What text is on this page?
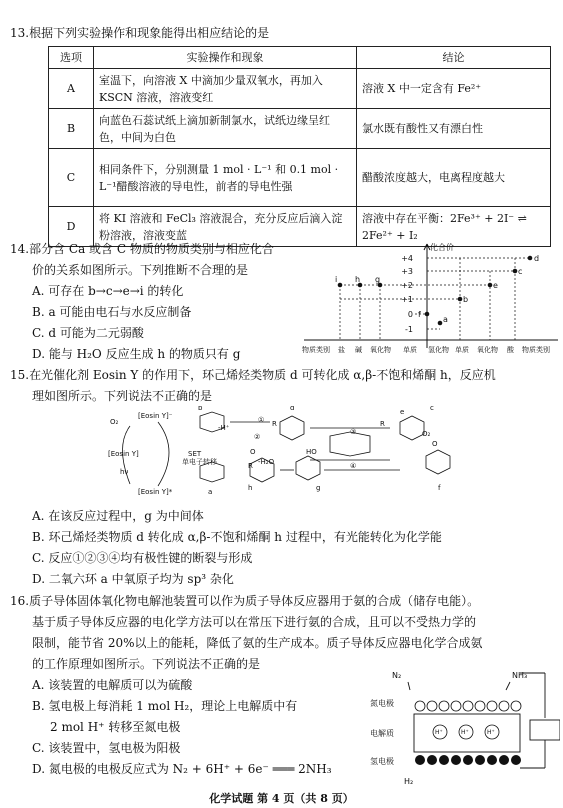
13.根据下列实验操作和现象能得出相应结论的是
选项	实验操作和现象	结论
A	室温下，向溶液 X 中滴加少量双氧水，再加入 KSCN 溶液，溶液变红	溶液 X 中一定含有 Fe²⁺
B	向蓝色石蕊试纸上滴加新制氯水，试纸边缘呈红色，中间为白色	氯水既有酸性又有漂白性
C	相同条件下，分别测量 1 mol · L⁻¹ 和 0.1 mol · L⁻¹醋酸溶液的导电性，前者的导电性强	醋酸浓度越大，电离程度越大
D	将 KI 溶液和 FeCl₃ 溶液混合，充分反应后滴入淀粉溶液，溶液变蓝	溶液中存在平衡：2Fe³⁺ + 2I⁻ ⇌ 2Fe²⁺ + I₂
14.部分含 Ca 或含 C 物质的物质类别与相应化合
价的关系如图所示。下列推断不合理的是
A. 可存在 b→c→e→i 的转化
B. a 可能由电石与水反应制备
C. d 可能为二元弱酸
D. 能与 H₂O 反应生成 h 的物质只有 g
化合价
+4
+3
+2
+1
0
-1
i h g
f
a
b
e
c
d
物质类别 盐 碱 氧化物 单质 氢化物 单质 氧化物 酸 物质类别
15.在光催化剂 Eosin Y 的作用下，环己烯烃类物质 d 可转化成 α,β-不饱和烯酮 h，反应机
理如图所示。下列说法不正确的是
O₂
[Eosin Y]⁻
[Eosin Y]
hν
[Eosin Y]*
SET
单电子转移
①
-H⁺
②
③
④
-H₂O
O₂
a
b	c
d	e
f
g
h
R	R
R
HO
O
O
A. 在该反应过程中，g 为中间体
B. 环己烯烃类物质 d 转化成 α,β-不饱和烯酮 h 过程中，有光能转化为化学能
C. 反应①②③④均有极性键的断裂与形成
D. 二氧六环 a 中氧原子均为 sp³ 杂化
16.质子导体固体氧化物电解池装置可以作为质子导体反应器用于氨的合成（储存电能）。
基于质子导体反应器的电化学方法可以在常压下进行氨的合成，且可以不受热力学的
限制，能节省 20%以上的能耗，降低了氨的生产成本。质子导体反应器电化学合成氨
的工作原理如图所示。下列说法不正确的是
A. 该装置的电解质可以为硫酸
B. 氢电极上每消耗 1 mol H₂，理论上电解质中有
2 mol H⁺ 转移至氮电极
C. 该装置中，氢电极为阳极
D. 氮电极的电极反应式为 N₂ + 6H⁺ + 6e⁻ ═══ 2NH₃
N₂	NH₃
氮电极
电解质
氢电极
H₂
H⁺	H⁺	H⁺
化学试题 第 4 页（共 8 页）
